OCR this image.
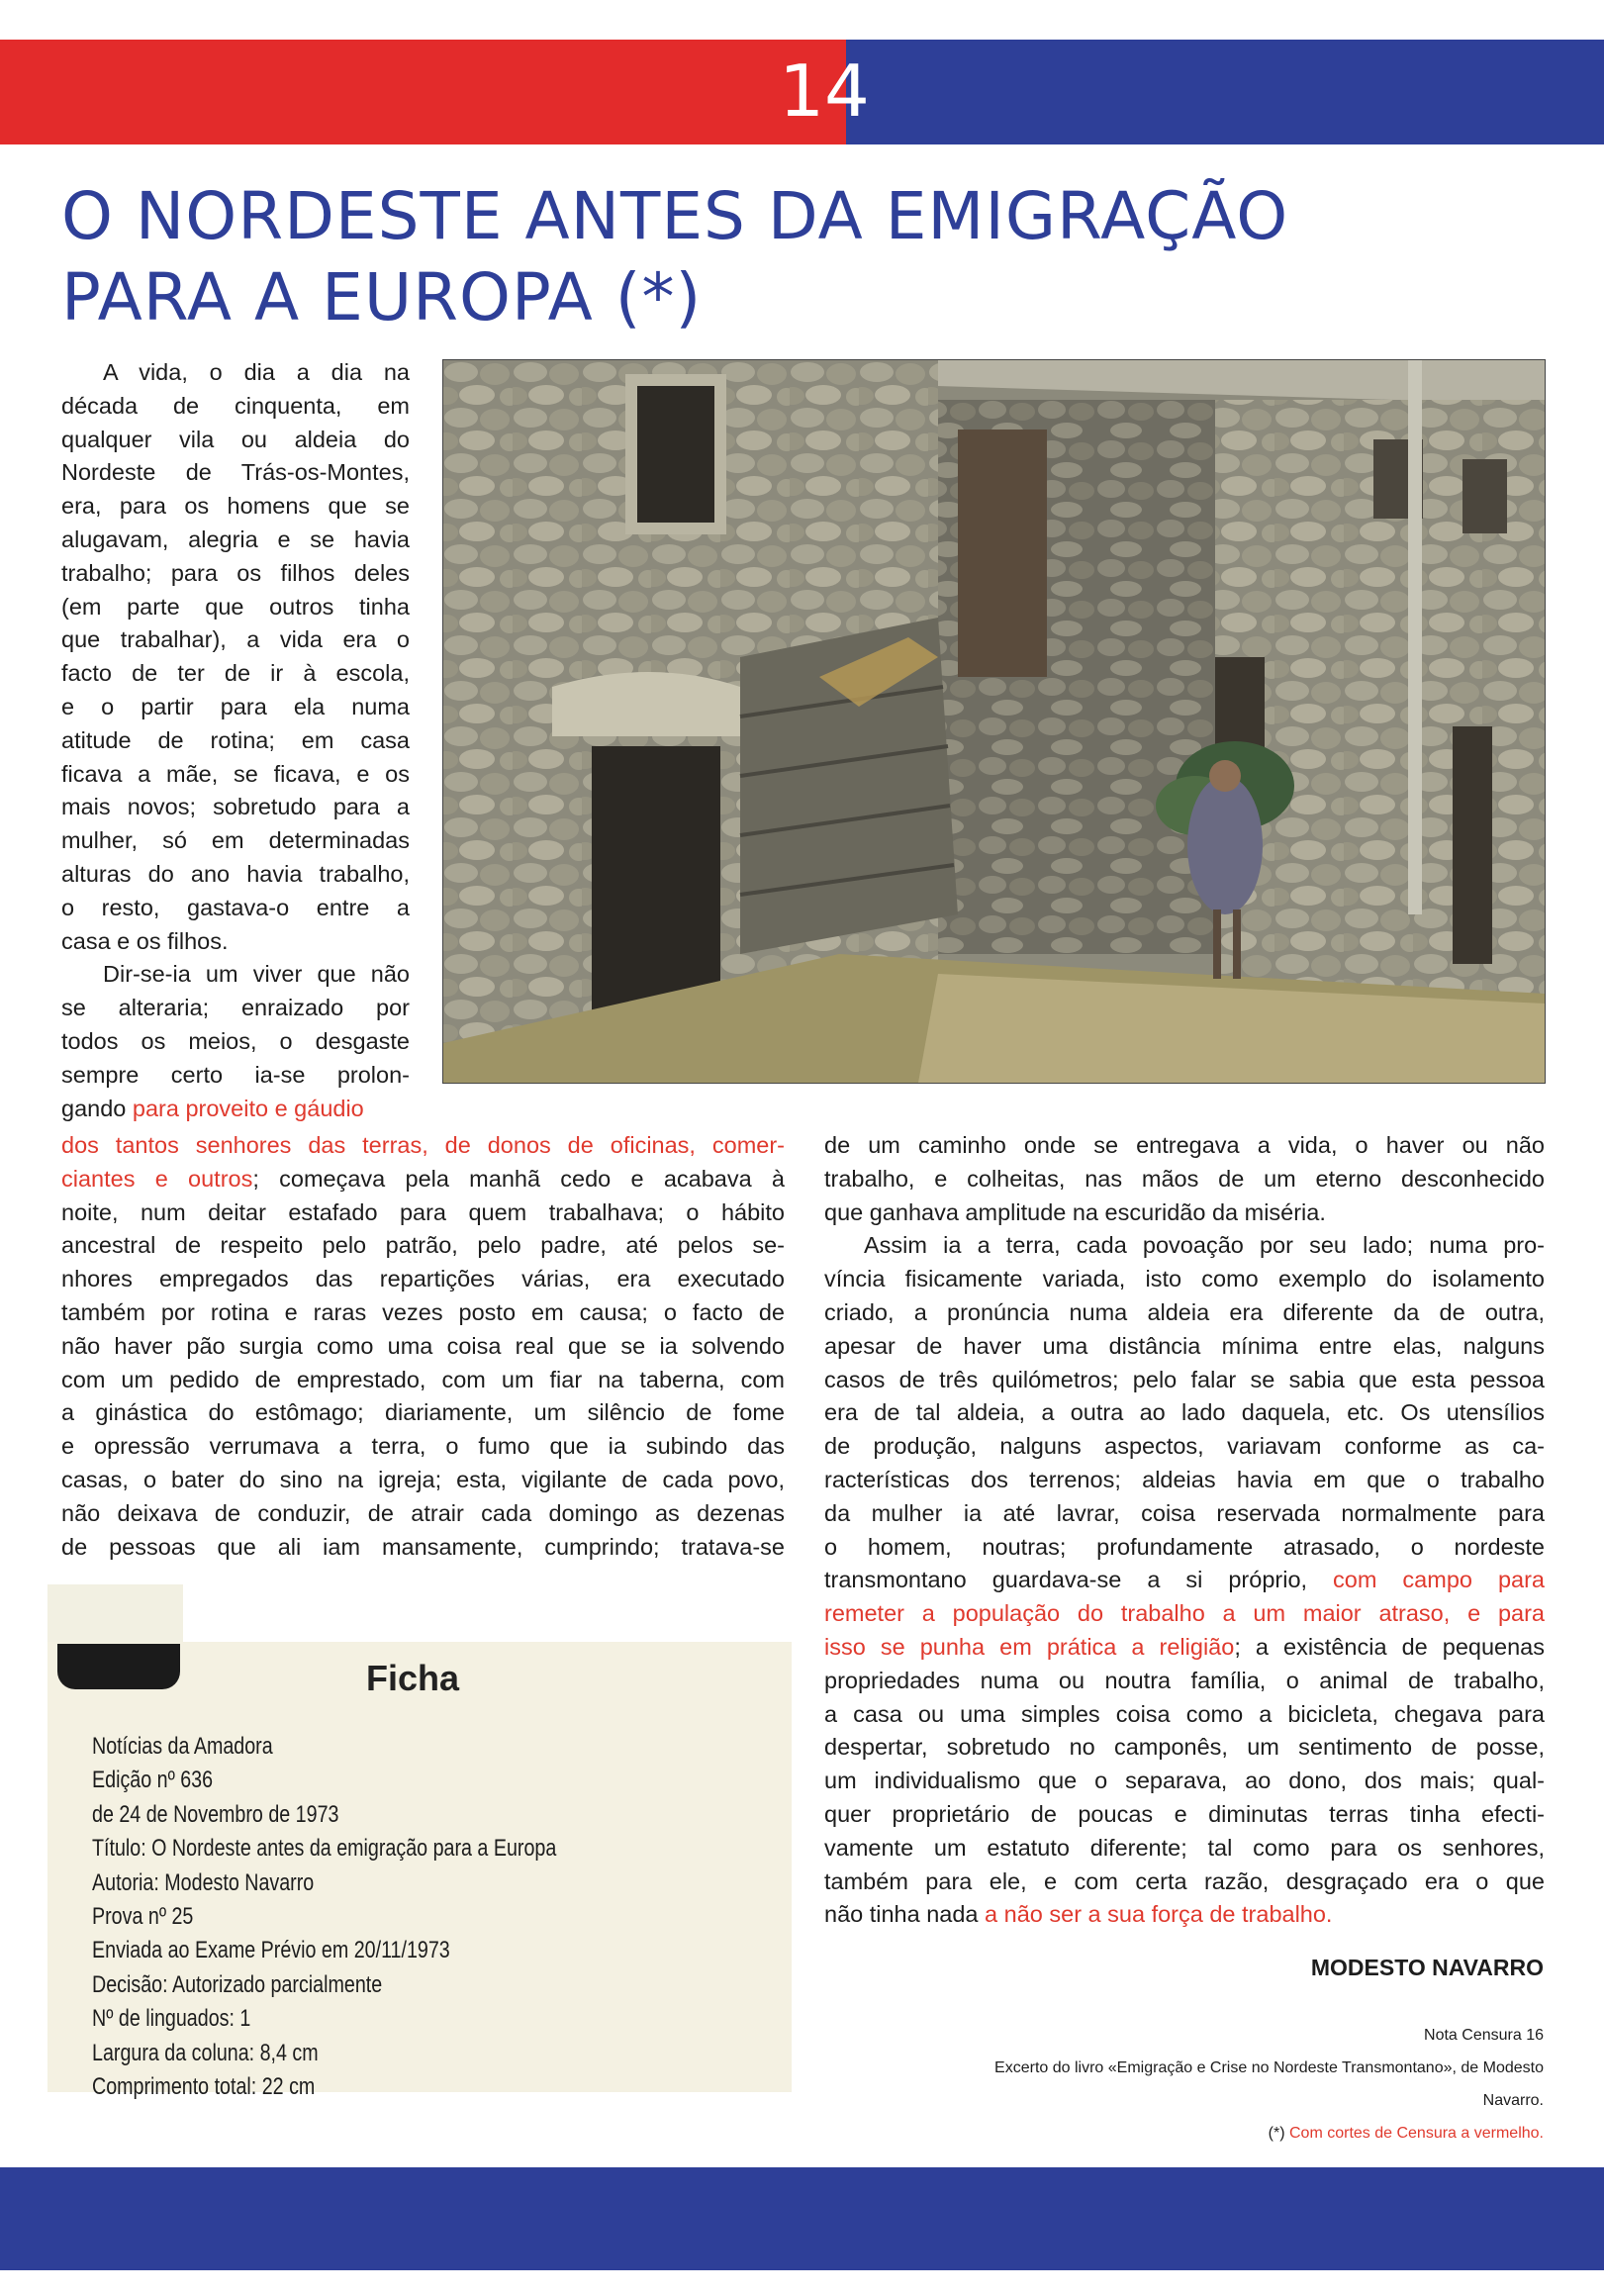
14
O NORDESTE ANTES DA EMIGRAÇÃO
PARA A EUROPA (*)
A vida, o dia a dia na
década de cinquenta, em
qualquer vila ou aldeia do
Nordeste de Trás-os-Montes,
era, para os homens que se
alugavam, alegria e se havia
trabalho; para os filhos deles
(em parte que outros tinha
que trabalhar), a vida era o
facto de ter de ir à escola,
e o partir para ela numa
atitude de rotina; em casa
ficava a mãe, se ficava, e os
mais novos; sobretudo para a
mulher, só em determinadas
alturas do ano havia trabalho,
o resto, gastava-o entre a
casa e os filhos.
Dir-se-ia um viver que não
se alteraria; enraizado por
todos os meios, o desgaste
sempre certo ia-se prolon-
gando para proveito e gáudio
dos tantos senhores das terras, de donos de oficinas, comer-
ciantes e outros; começava pela manhã cedo e acabava à
noite, num deitar estafado para quem trabalhava; o hábito
ancestral de respeito pelo patrão, pelo padre, até pelos se-
nhores empregados das repartições várias, era executado
também por rotina e raras vezes posto em causa; o facto de
não haver pão surgia como uma coisa real que se ia solvendo
com um pedido de emprestado, com um fiar na taberna, com
a ginástica do estômago; diariamente, um silêncio de fome
e opressão verrumava a terra, o fumo que ia subindo das
casas, o bater do sino na igreja; esta, vigilante de cada povo,
não deixava de conduzir, de atrair cada domingo as dezenas
de pessoas que ali iam mansamente, cumprindo; tratava-se
de um caminho onde se entregava a vida, o haver ou não
trabalho, e colheitas, nas mãos de um eterno desconhecido
que ganhava amplitude na escuridão da miséria.
Assim ia a terra, cada povoação por seu lado; numa pro-
víncia fisicamente variada, isto como exemplo do isolamento
criado, a pronúncia numa aldeia era diferente da de outra,
apesar de haver uma distância mínima entre elas, nalguns
casos de três quilómetros; pelo falar se sabia que esta pessoa
era de tal aldeia, a outra ao lado daquela, etc. Os utensílios
de produção, nalguns aspectos, variavam conforme as ca-
racterísticas dos terrenos; aldeias havia em que o trabalho
da mulher ia até lavrar, coisa reservada normalmente para
o homem, noutras; profundamente atrasado, o nordeste
transmontano guardava-se a si próprio, com campo para
remeter a população do trabalho a um maior atraso, e para
isso se punha em prática a religião; a existência de pequenas
propriedades numa ou noutra família, o animal de trabalho,
a casa ou uma simples coisa como a bicicleta, chegava para
despertar, sobretudo no camponês, um sentimento de posse,
um individualismo que o separava, ao dono, dos mais; qual-
quer proprietário de poucas e diminutas terras tinha efecti-
vamente um estatuto diferente; tal como para os senhores,
também para ele, e com certa razão, desgraçado era o que
não tinha nada a não ser a sua força de trabalho.
Ficha
Notícias da Amadora
Edição nº 636
de 24 de Novembro de 1973
Título: O Nordeste antes da emigração para a Europa
Autoria: Modesto Navarro
Prova nº 25
Enviada ao Exame Prévio em 20/11/1973
Decisão: Autorizado parcialmente
Nº de linguados: 1
Largura da coluna: 8,4 cm
Comprimento total: 22 cm
MODESTO NAVARRO
Nota Censura 16
Excerto do livro «Emigração e Crise no Nordeste Transmontano», de Modesto
Navarro.
(*) Com cortes de Censura a vermelho.
